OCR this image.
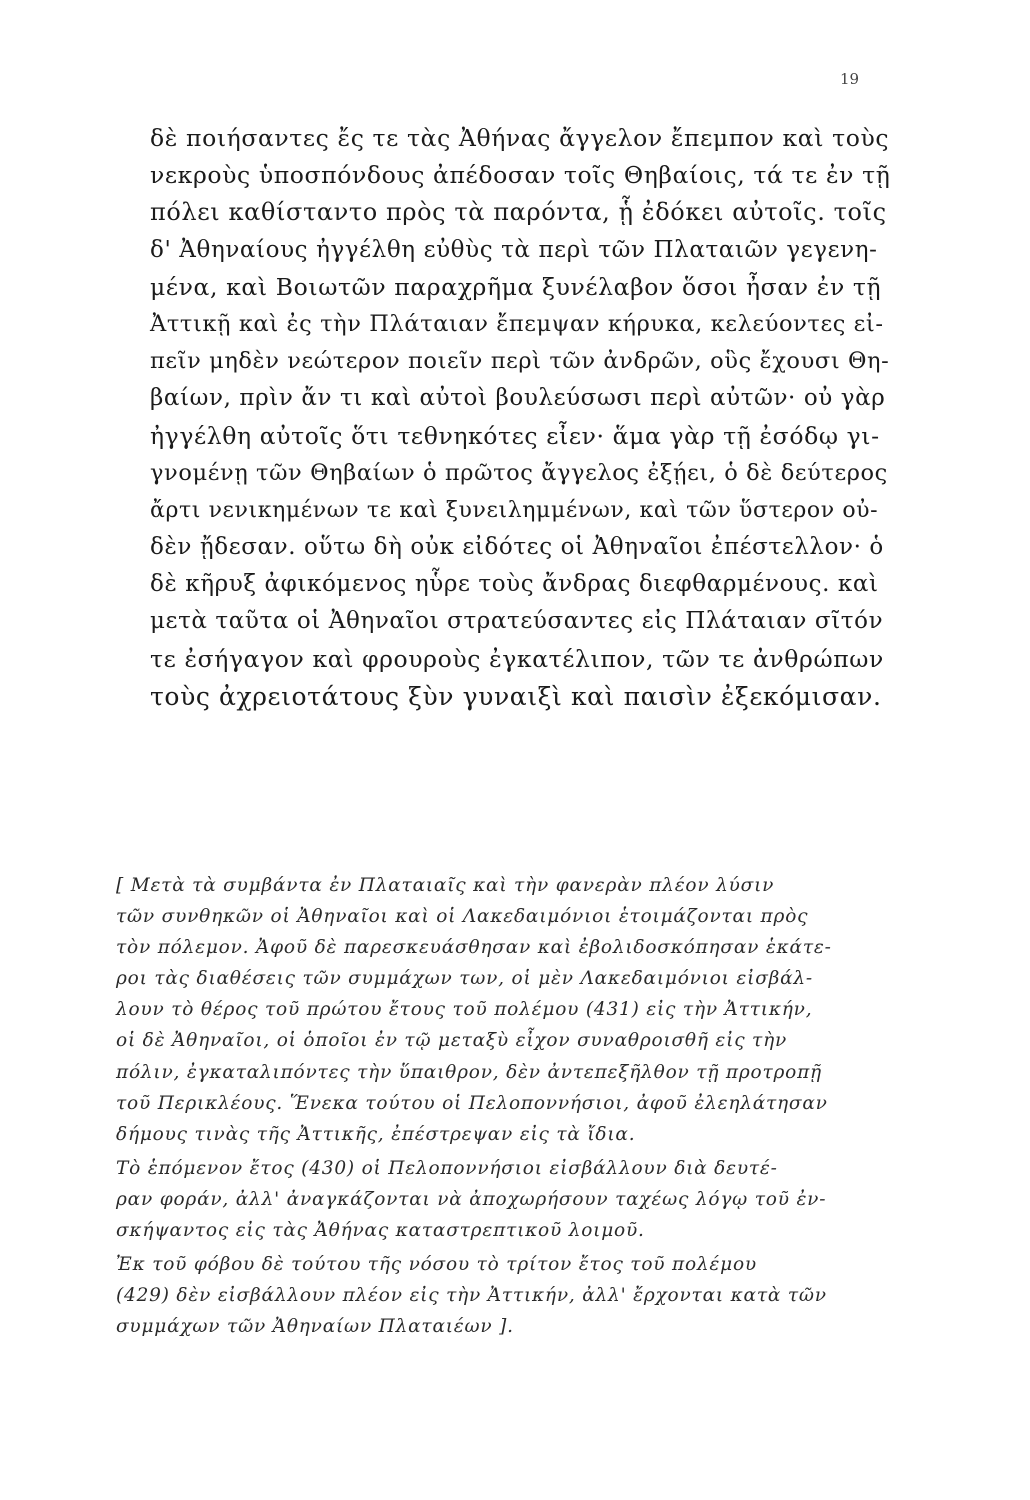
19

δὲ ποιήσαντες ἔς τε τὰς Ἀθήνας ἄγγελον ἔπεμπον καὶ τοὺς
νεκροὺς ὑποσπόνδους ἀπέδοσαν τοῖς Θηβαίοις, τά τε ἐν τῇ
πόλει καθίσταντο πρὸς τὰ παρόντα, ᾗ ἐδόκει αὐτοῖς. τοῖς
δ' Ἀθηναίους ἠγγέλθη εὐθὺς τὰ περὶ τῶν Πλαταιῶν γεγενη-
μένα, καὶ Βοιωτῶν παραχρῆμα ξυνέλαβον ὅσοι ἦσαν ἐν τῇ
Ἀττικῇ καὶ ἐς τὴν Πλάταιαν ἔπεμψαν κήρυκα, κελεύοντες εἰ-
πεῖν μηδὲν νεώτερον ποιεῖν περὶ τῶν ἀνδρῶν, οὓς ἔχουσι Θη-
βαίων, πρὶν ἄν τι καὶ αὐτοὶ βουλεύσωσι περὶ αὐτῶν· οὐ γὰρ
ἠγγέλθη αὐτοῖς ὅτι τεθνηκότες εἶεν· ἅμα γὰρ τῇ ἐσόδῳ γι-
γνομένῃ τῶν Θηβαίων ὁ πρῶτος ἄγγελος ἐξῄει, ὁ δὲ δεύτερος
ἄρτι νενικημένων τε καὶ ξυνειλημμένων, καὶ τῶν ὕστερον οὐ-
δὲν ᾔδεσαν. οὕτω δὴ οὐκ εἰδότες οἱ Ἀθηναῖοι ἐπέστελλον· ὁ
δὲ κῆρυξ ἀφικόμενος ηὗρε τοὺς ἄνδρας διεφθαρμένους. καὶ
μετὰ ταῦτα οἱ Ἀθηναῖοι στρατεύσαντες εἰς Πλάταιαν σῖτόν
τε ἐσήγαγον καὶ φρουροὺς ἐγκατέλιπον, τῶν τε ἀνθρώπων
τοὺς ἀχρειοτάτους ξὺν γυναιξὶ καὶ παισὶν ἐξεκόμισαν.
[ Μετὰ τὰ συμβάντα ἐν Πλαταιαῖς καὶ τὴν φανερὰν πλέον λύσιν
τῶν συνθηκῶν οἱ Ἀθηναῖοι καὶ οἱ Λακεδαιμόνιοι ἑτοιμάζονται πρὸς
τὸν πόλεμον. Ἀφοῦ δὲ παρεσκευάσθησαν καὶ ἐβολιδοσκόπησαν ἑκάτε-
ροι τὰς διαθέσεις τῶν συμμάχων των, οἱ μὲν Λακεδαιμόνιοι εἰσβάλ-
λουν τὸ θέρος τοῦ πρώτου ἔτους τοῦ πολέμου (431) εἰς τὴν Ἀττικήν,
οἱ δὲ Ἀθηναῖοι, οἱ ὁποῖοι ἐν τῷ μεταξὺ εἶχον συναθροισθῆ εἰς τὴν
πόλιν, ἐγκαταλιπόντες τὴν ὕπαιθρον, δὲν ἀντεπεξῆλθον τῇ προτροπῇ
τοῦ Περικλέους. Ἕνεκα τούτου οἱ Πελοποννήσιοι, ἀφοῦ ἐλεηλάτησαν
δήμους τινὰς τῆς Ἀττικῆς, ἐπέστρεψαν εἰς τὰ ἴδια.
Τὸ ἑπόμενον ἔτος (430) οἱ Πελοποννήσιοι εἰσβάλλουν διὰ δευτέ-
ραν φοράν, ἀλλ' ἀναγκάζονται νὰ ἀποχωρήσουν ταχέως λόγῳ τοῦ ἐν-
σκήψαντος εἰς τὰς Ἀθήνας καταστρεπτικοῦ λοιμοῦ.
Ἐκ τοῦ φόβου δὲ τούτου τῆς νόσου τὸ τρίτον ἔτος τοῦ πολέμου
(429) δὲν εἰσβάλλουν πλέον εἰς τὴν Ἀττικήν, ἀλλ' ἔρχονται κατὰ τῶν
συμμάχων τῶν Ἀθηναίων Πλαταιέων ].
